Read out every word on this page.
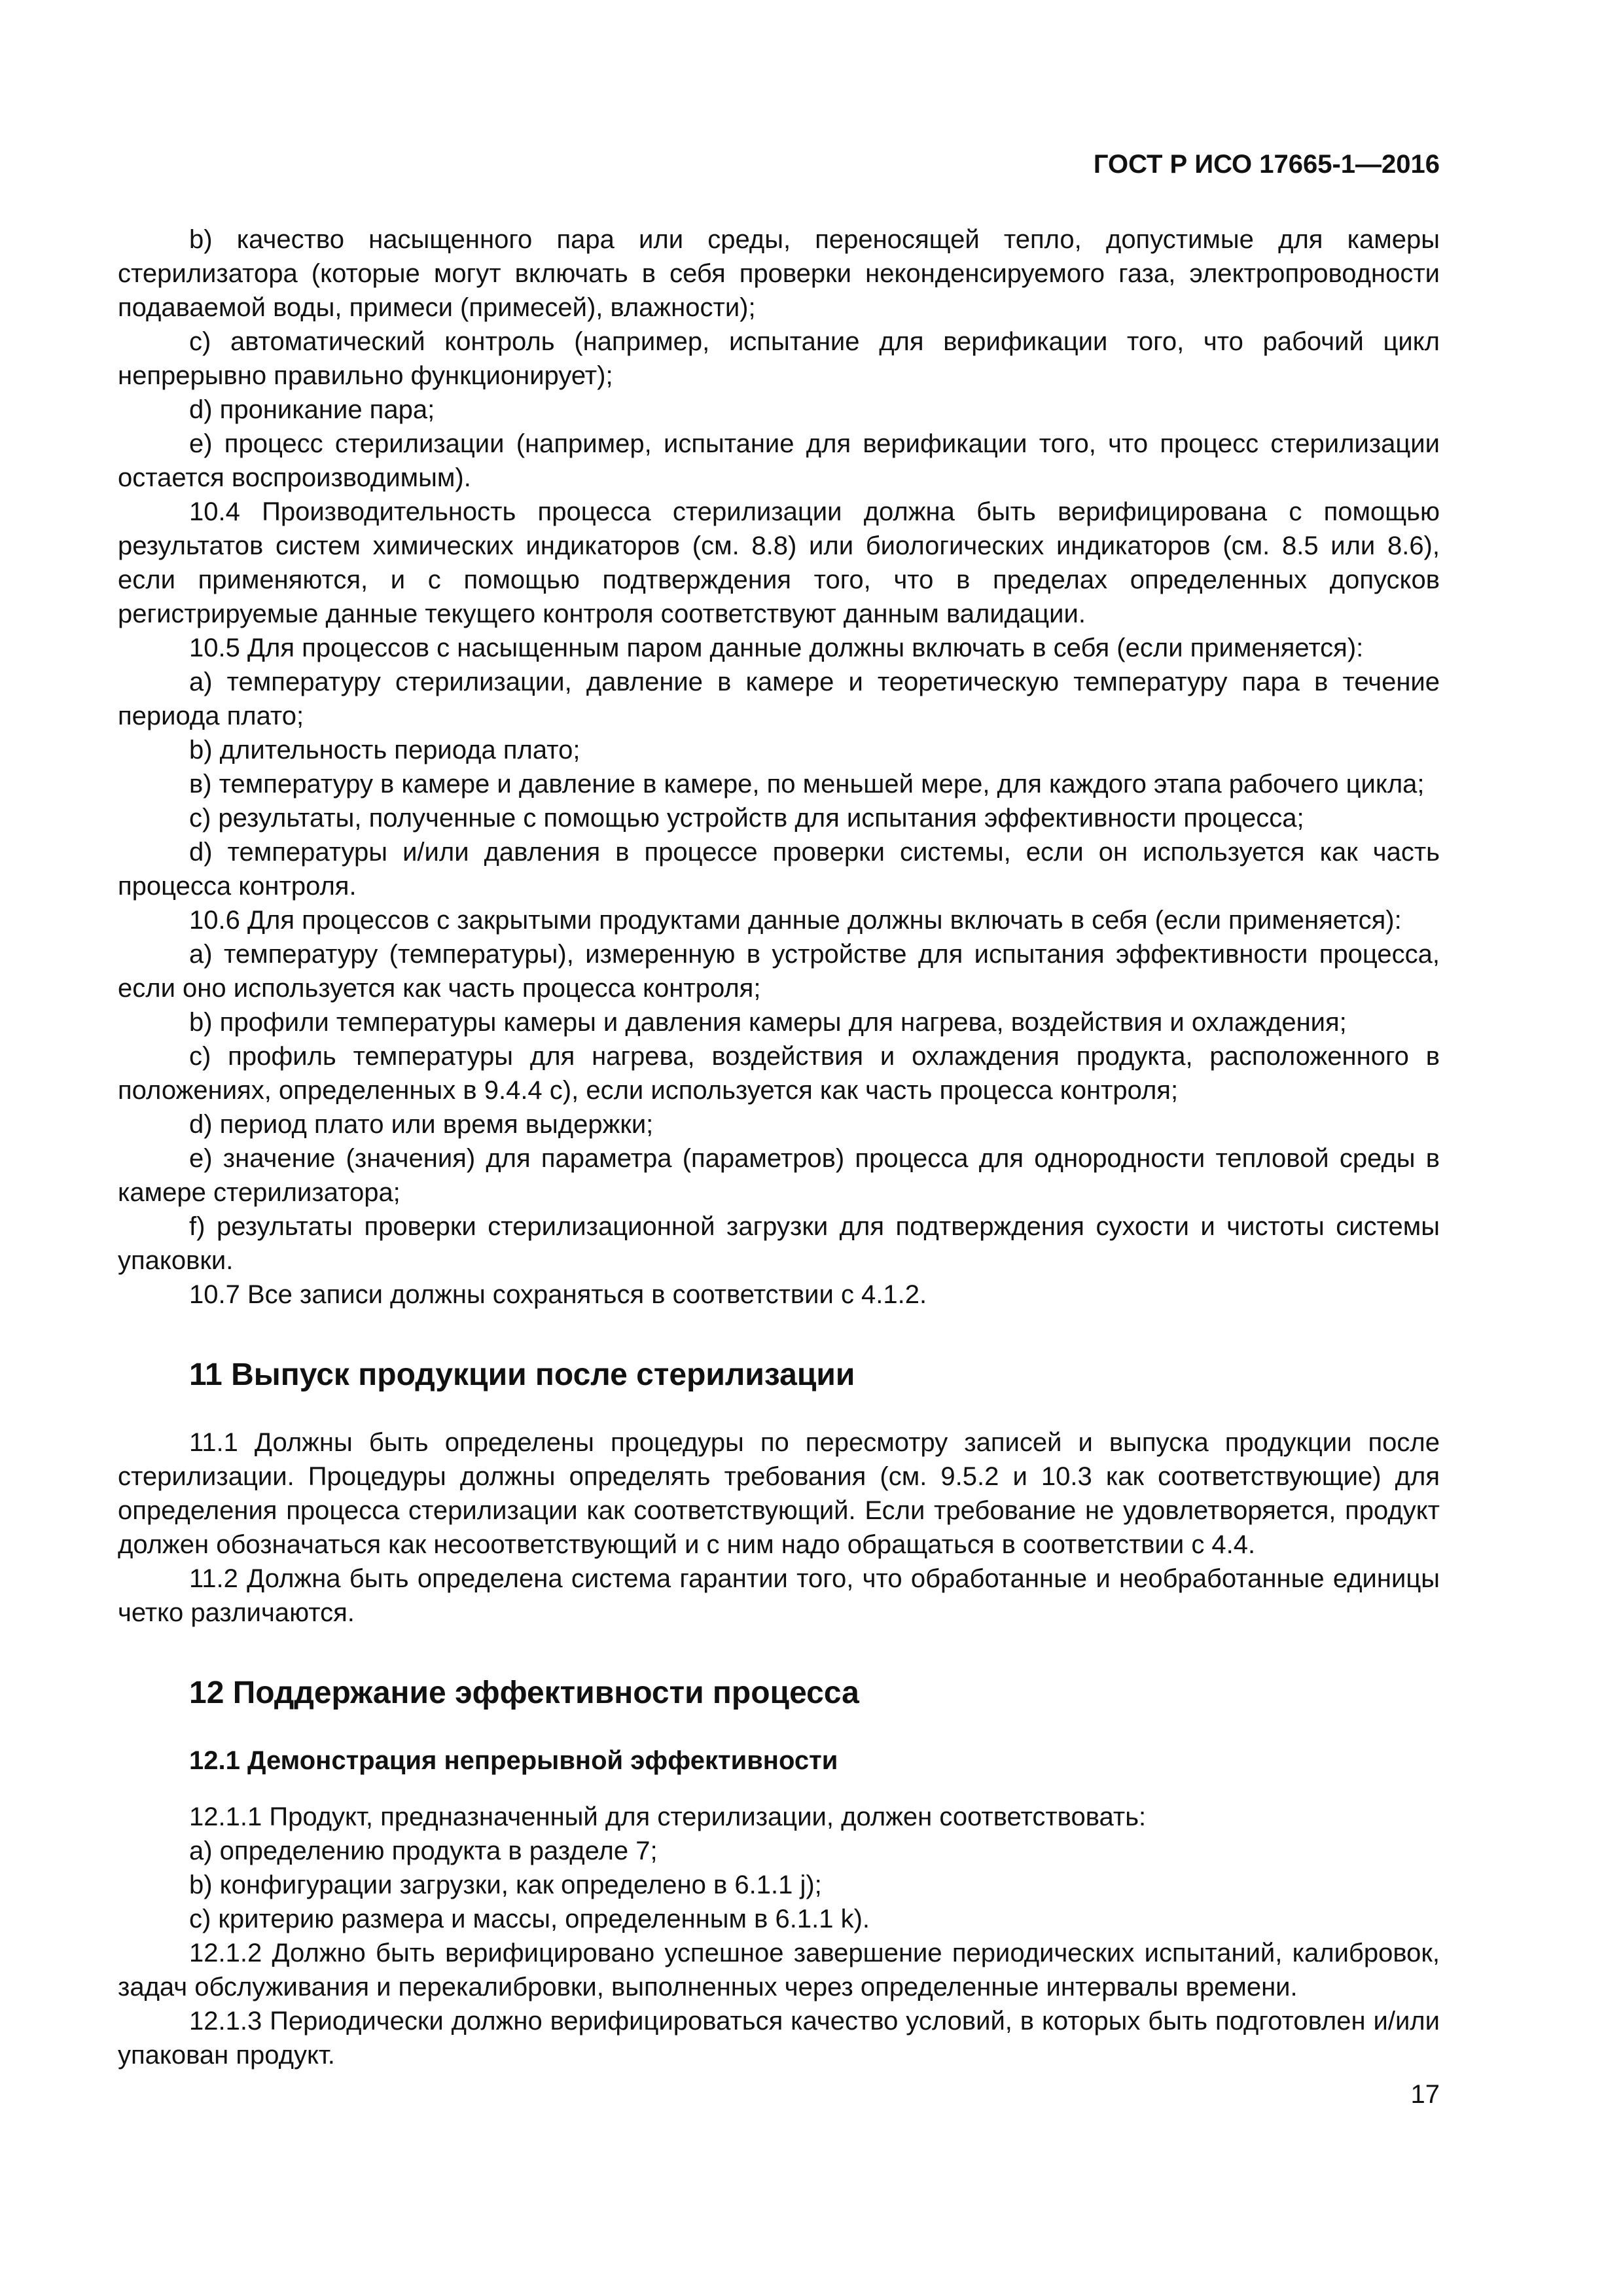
ГОСТ Р ИСО 17665-1—2016

b) качество насыщенного пара или среды, переносящей тепло, допустимые для камеры стерилизатора (которые могут включать в себя проверки неконденсируемого газа, электропроводности подаваемой воды, примеси (примесей), влажности);

c) автоматический контроль (например, испытание для верификации того, что рабочий цикл непрерывно правильно функционирует);

d) проникание пара;

e) процесс стерилизации (например, испытание для верификации того, что процесс стерилизации остается воспроизводимым).

10.4 Производительность процесса стерилизации должна быть верифицирована с помощью результатов систем химических индикаторов (см. 8.8) или биологических индикаторов (см. 8.5 или 8.6), если применяются, и с помощью подтверждения того, что в пределах определенных допусков регистрируемые данные текущего контроля соответствуют данным валидации.

10.5 Для процессов с насыщенным паром данные должны включать в себя (если применяется):

a) температуру стерилизации, давление в камере и теоретическую температуру пара в течение периода плато;

b) длительность периода плато;

в) температуру в камере и давление в камере, по меньшей мере, для каждого этапа рабочего цикла;

c) результаты, полученные с помощью устройств для испытания эффективности процесса;

d) температуры и/или давления в процессе проверки системы, если он используется как часть процесса контроля.

10.6 Для процессов с закрытыми продуктами данные должны включать в себя (если применяется):

a) температуру (температуры), измеренную в устройстве для испытания эффективности процесса, если оно используется как часть процесса контроля;

b) профили температуры камеры и давления камеры для нагрева, воздействия и охлаждения;

c) профиль температуры для нагрева, воздействия и охлаждения продукта, расположенного в положениях, определенных в 9.4.4 c), если используется как часть процесса контроля;

d) период плато или время выдержки;

e) значение (значения) для параметра (параметров) процесса для однородности тепловой среды в камере стерилизатора;

f) результаты проверки стерилизационной загрузки для подтверждения сухости и чистоты системы упаковки.

10.7 Все записи должны сохраняться в соответствии с 4.1.2.

11 Выпуск продукции после стерилизации

11.1 Должны быть определены процедуры по пересмотру записей и выпуска продукции после стерилизации. Процедуры должны определять требования (см. 9.5.2 и 10.3 как соответствующие) для определения процесса стерилизации как соответствующий. Если требование не удовлетворяется, продукт должен обозначаться как несоответствующий и с ним надо обращаться в соответствии с 4.4.

11.2 Должна быть определена система гарантии того, что обработанные и необработанные единицы четко различаются.

12 Поддержание эффективности процесса
12.1 Демонстрация непрерывной эффективности

12.1.1 Продукт, предназначенный для стерилизации, должен соответствовать:

a) определению продукта в разделе 7;

b) конфигурации загрузки, как определено в 6.1.1 j);

c) критерию размера и массы, определенным в 6.1.1 k).

12.1.2 Должно быть верифицировано успешное завершение периодических испытаний, калибровок, задач обслуживания и перекалибровки, выполненных через определенные интервалы времени.

12.1.3 Периодически должно верифицироваться качество условий, в которых быть подготовлен и/или упакован продукт.

17
